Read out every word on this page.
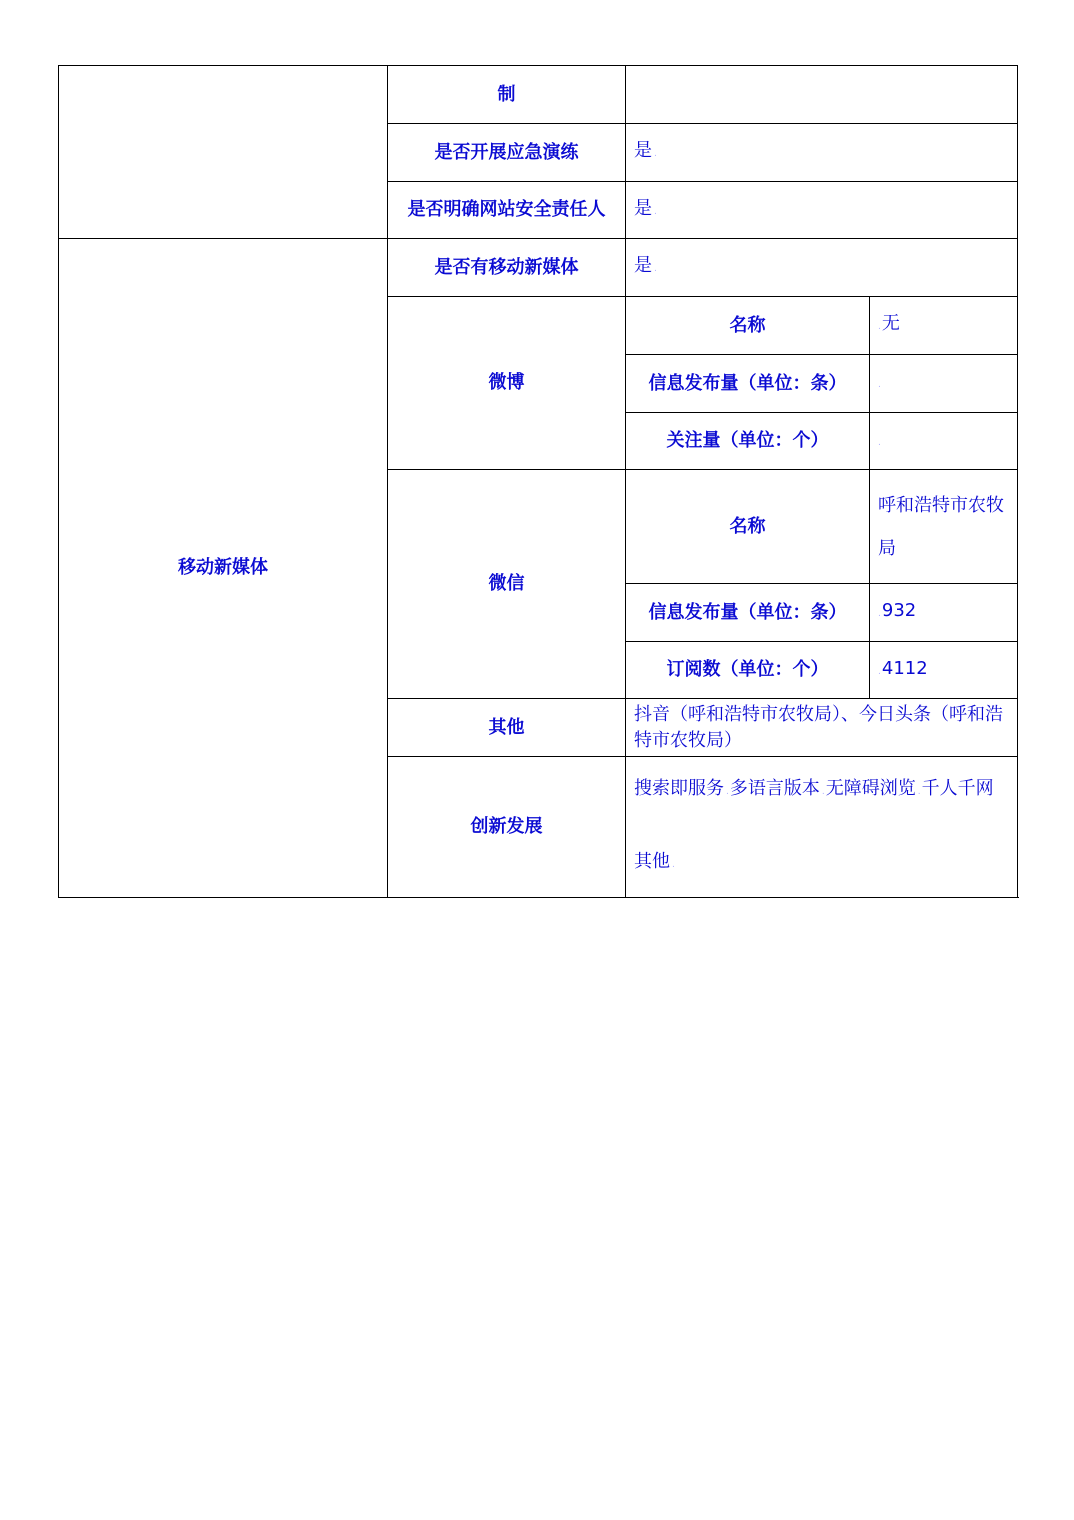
	制		
	是否开展应急演练	是 .	
	是否明确网站安全责任人	是 .	
移动新媒体	是否有移动新媒体	是 .	
	微博	名称	.无
		信息发布量（单位：条）	.
		关注量（单位：个）	.
	微信	名称	呼和浩特市农牧
局

		信息发布量（单位：条）	.932
		订阅数（单位：个）	.4112
	其他	抖音（呼和浩特市农牧局）、今日头条（呼和浩特市农牧局）	
	创新发展	搜索即服务 .多语言版本 .无障碍浏览 .千人千网
其他 .	
